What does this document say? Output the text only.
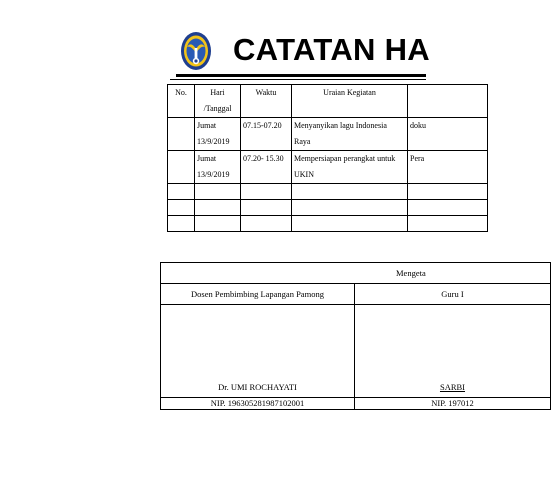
CATATAN HA
No.	Hari /Tanggal	Waktu	Uraian Kegiatan	
	Jumat 13/9/2019	07.15-07.20	Menyanyikan lagu Indonesia Raya	doku
	Jumat 13/9/2019	07.20- 15.30	Mempersiapan perangkat untuk UKIN	Pera

Mengeta	
Dosen Pembimbing Lapangan Pamong	Guru I
Dr. UMI ROCHAYATI	SARBI
NIP. 196305281987102001	NIP. 197012
